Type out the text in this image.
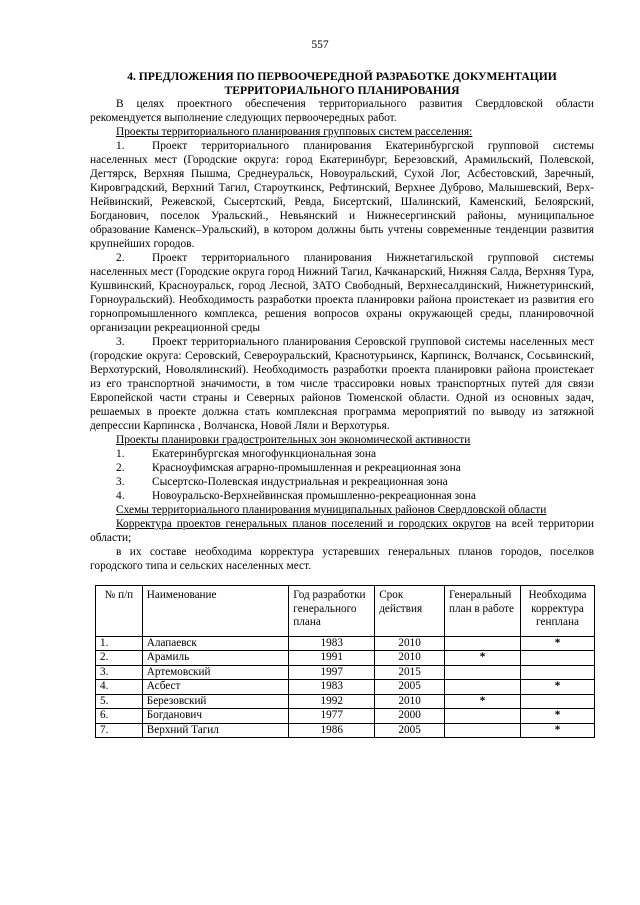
557
4. ПРЕДЛОЖЕНИЯ ПО ПЕРВООЧЕРЕДНОЙ РАЗРАБОТКЕ ДОКУМЕНТАЦИИ
ТЕРРИТОРИАЛЬНОГО ПЛАНИРОВАНИЯ

В целях проектного обеспечения территориального развития Свердловской области рекомендуется выполнение следующих первоочередных работ.

Проекты территориального планирования групповых систем расселения:

1. Проект территориального планирования Екатеринбургской групповой системы населенных мест (Городские округа: город Екатеринбург, Березовский, Арамильский, Полевской, Дегтярск, Верхняя Пышма, Среднеуральск, Новоуральский, Сухой Лог, Асбестовский, Заречный, Кировградский, Верхний Тагил, Староуткинск, Рефтинский, Верхнее Дуброво, Малышевский, Верх-Нейвинский, Режевской, Сысертский, Ревда, Бисертский, Шалинский, Каменский, Белоярский, Богданович, поселок Уральский., Невьянский и Нижнесергинский районы, муниципальное образование Каменск–Уральский), в котором должны быть учтены современные тенденции развития крупнейших городов.

2. Проект территориального планирования Нижнетагильской групповой системы населенных мест (Городские округа город Нижний Тагил, Качканарский, Нижняя Салда, Верхняя Тура, Кушвинский, Красноуральск, город Лесной, ЗАТО Свободный, Верхнесалдинский, Нижнетуринский, Горноуральский). Необходимость разработки проекта планировки района проистекает из развития его горнопромышленного комплекса, решения вопросов охраны окружающей среды, планировочной организации рекреационной среды

3. Проект территориального планирования Серовской групповой системы населенных мест (городские округа: Серовский, Североуральский, Краснотурьинск, Карпинск, Волчанск, Сосьвинский, Верхотурский, Новолялинский). Необходимость разработки проекта планировки района проистекает из его транспортной значимости, в том числе трассировки новых транспортных путей для связи Европейской части страны и Северных районов Тюменской области. Одной из основных задач, решаемых в проекте должна стать комплексная программа мероприятий по выводу из затяжной депрессии Карпинска , Волчанска, Новой Ляли и Верхотурья.

Проекты планировки градостроительных зон экономической активности

1.	Екатеринбургская многофункциональная зона
2.	Красноуфимская аграрно-промышленная и рекреационная зона
3.	Сысертско-Полевская индустриальная и рекреационная зона
4.	Новоуральско-Верхнейвинская промышленно-рекреационная зона

Схемы территориального планирования муниципальных районов Свердловской области

Корректура проектов генеральных планов поселений и городских округов на всей территории области;

в их составе необходима корректура устаревших генеральных планов городов, поселков городского типа и сельских населенных мест.

№ п/п	Наименование	Год разработки генерального плана	Срок действия	Генеральный план в работе	Необходима корректура генплана
1.	Алапаевск	1983	2010		*
2.	Арамиль	1991	2010	*	
3.	Артемовский	1997	2015		
4.	Асбест	1983	2005		*
5.	Березовский	1992	2010	*	
6.	Богданович	1977	2000		*
7.	Верхний Тагил	1986	2005		*
